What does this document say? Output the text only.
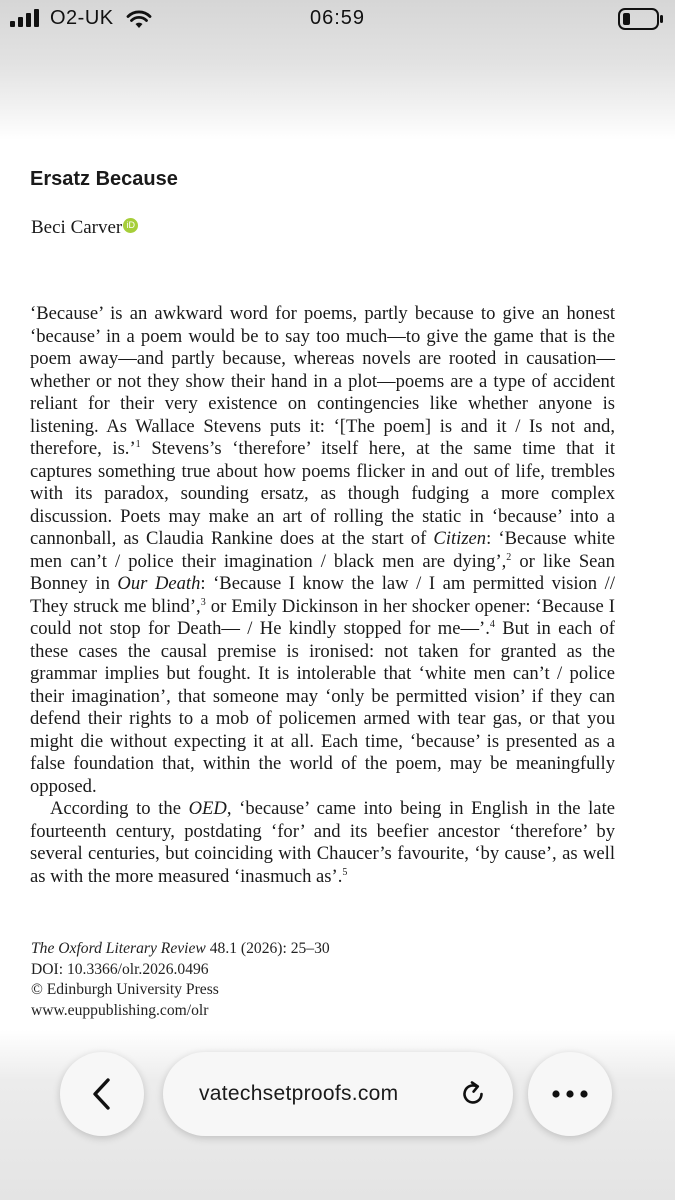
O2-UK	06:59
Ersatz Because
Beci Carver iD

‘Because’ is an awkward word for poems, partly because to give an honest ‘because’ in a poem would be to say too much—to give the game that is the poem away—and partly because, whereas novels are rooted in causation—whether or not they show their hand in a plot—poems are a type of accident reliant for their very existence on contingencies like whether anyone is listening. As Wallace Stevens puts it: ‘[The poem] is and it / Is not and, therefore, is.’$^1$ Stevens’s ‘therefore’ itself here, at the same time that it captures something true about how poems flicker in and out of life, trembles with its paradox, sounding ersatz, as though fudging a more complex discussion. Poets may make an art of rolling the static in ‘because’ into a cannonball, as Claudia Rankine does at the start of Citizen: ‘Because white men can’t / police their imagination / black men are dying’,$^2$ or like Sean Bonney in Our Death: ‘Because I know the law / I am permitted vision // They struck me blind’,$^3$ or Emily Dickinson in her shocker opener: ‘Because I could not stop for Death— / He kindly stopped for me—’.$^4$ But in each of these cases the causal premise is ironised: not taken for granted as the grammar implies but fought. It is intolerable that ‘white men can’t / police their imagination’, that someone may ‘only be permitted vision’ if they can defend their rights to a mob of policemen armed with tear gas, or that you might die without expecting it at all. Each time, ‘because’ is presented as a false foundation that, within the world of the poem, may be meaningfully opposed.

According to the OED, ‘because’ came into being in English in the late fourteenth century, postdating ‘for’ and its beefier ancestor ‘therefore’ by several centuries, but coinciding with Chaucer’s favourite, ‘by cause’, as well as with the more measured ‘inasmuch as’.$^5$

The Oxford Literary Review 48.1 (2026): 25–30
DOI: 10.3366/olr.2026.0496
© Edinburgh University Press
www.euppublishing.com/olr
vatechsetproofs.com
